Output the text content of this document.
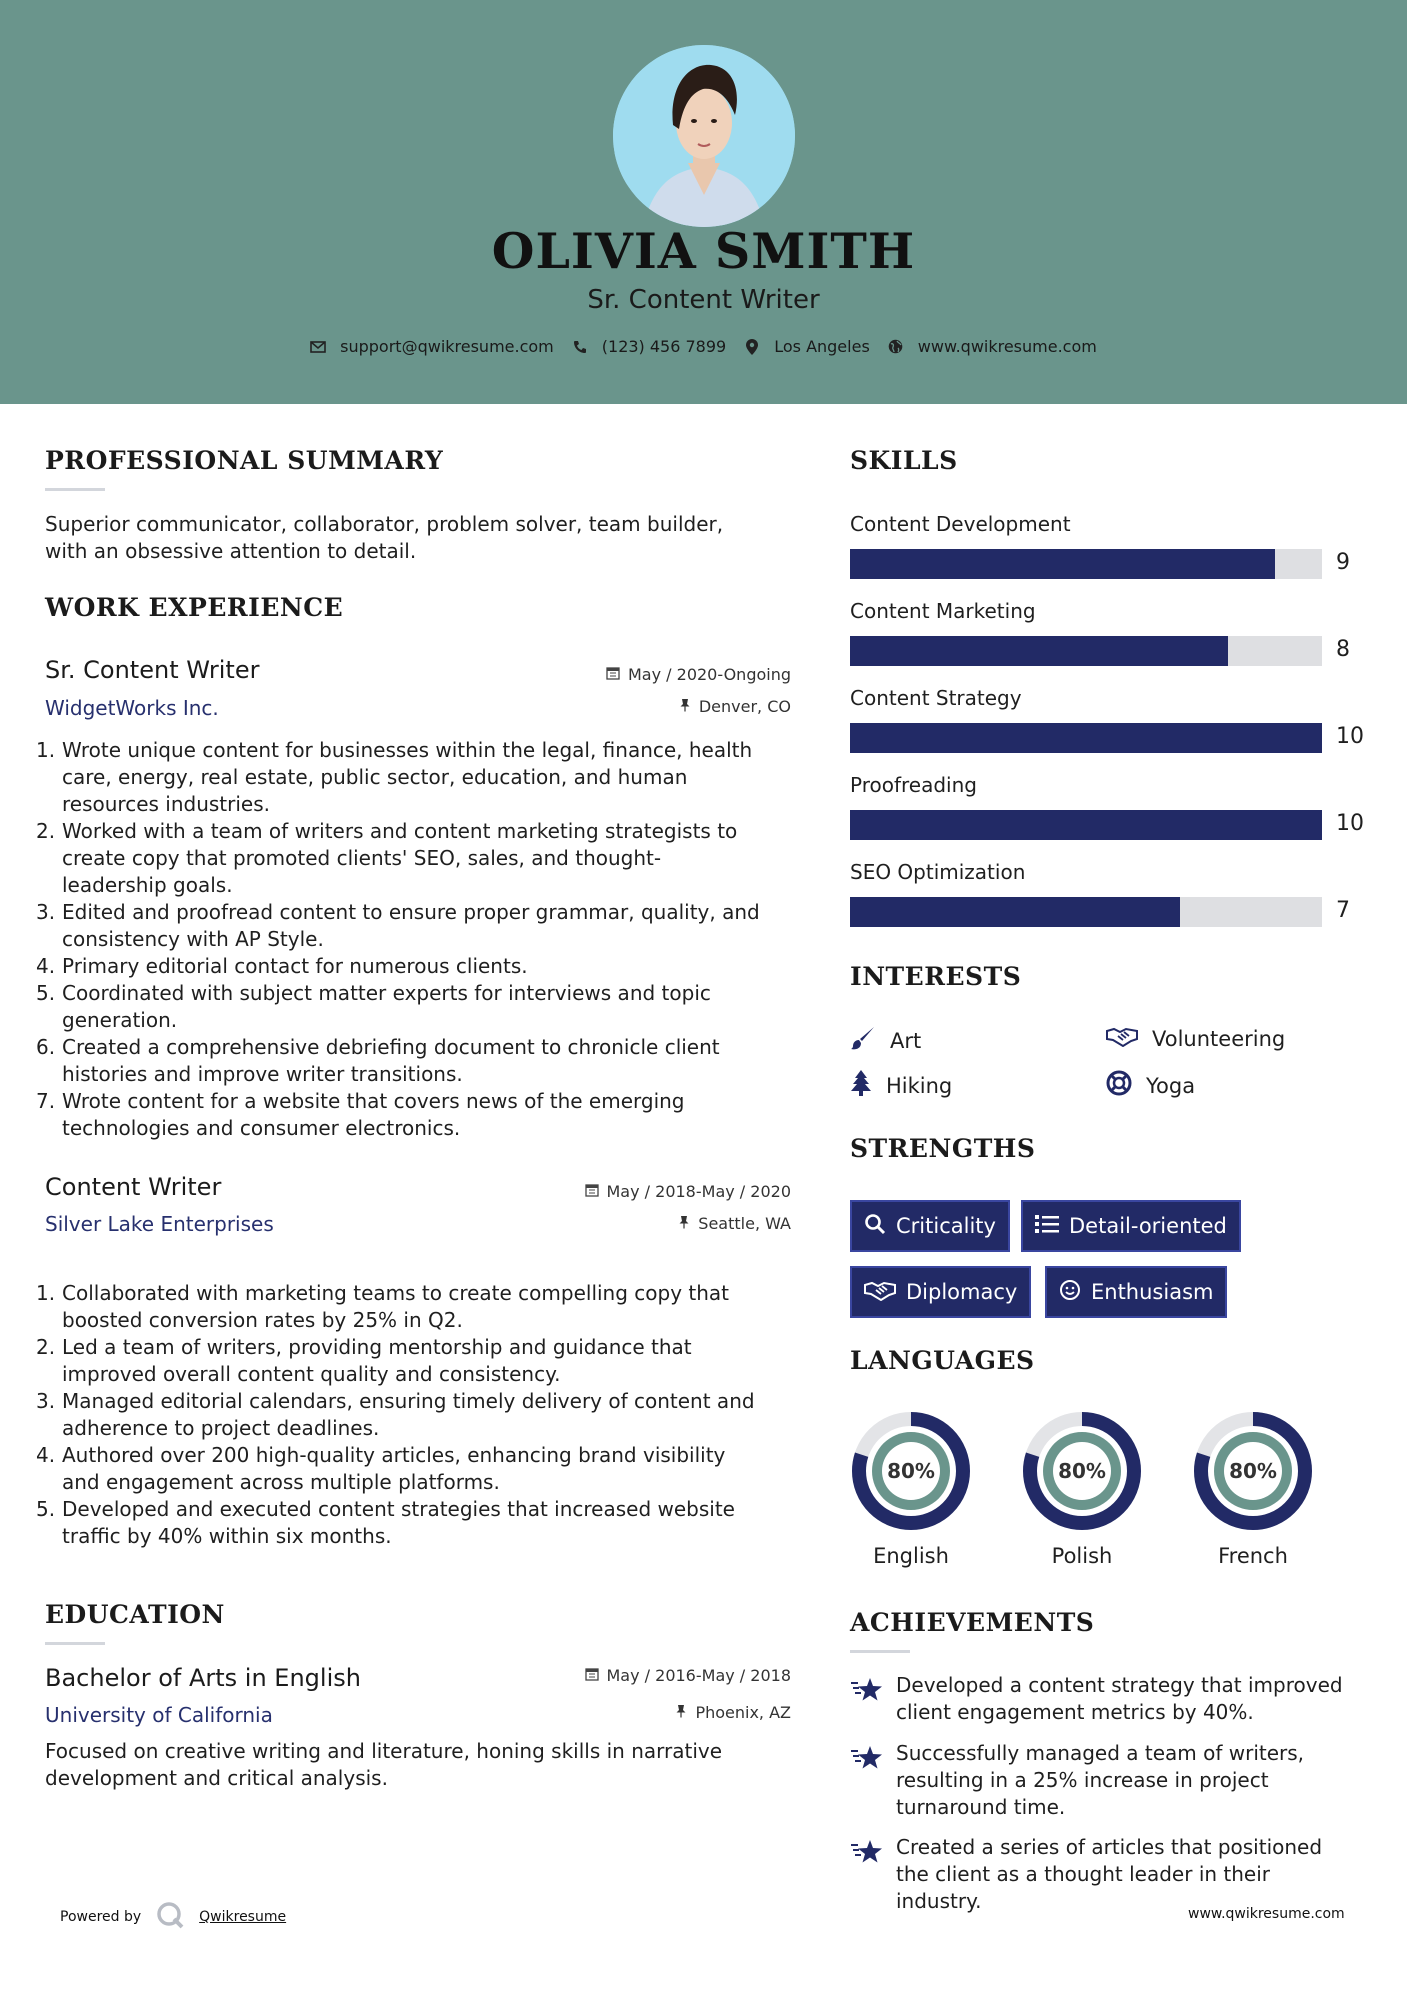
OLIVIA SMITH
Sr. Content Writer
support@qwikresume.com	(123) 456 7899	Los Angeles	www.qwikresume.com
PROFESSIONAL SUMMARY
Superior communicator, collaborator, problem solver, team builder,
with an obsessive attention to detail.
WORK EXPERIENCE
Sr. Content Writer	May / 2020-Ongoing
WidgetWorks Inc.	Denver, CO
1. Wrote unique content for businesses within the legal, finance, health
care, energy, real estate, public sector, education, and human
resources industries.
2. Worked with a team of writers and content marketing strategists to
create copy that promoted clients' SEO, sales, and thought-
leadership goals.
3. Edited and proofread content to ensure proper grammar, quality, and
consistency with AP Style.
4. Primary editorial contact for numerous clients.
5. Coordinated with subject matter experts for interviews and topic
generation.
6. Created a comprehensive debriefing document to chronicle client
histories and improve writer transitions.
7. Wrote content for a website that covers news of the emerging
technologies and consumer electronics.
Content Writer	May / 2018-May / 2020
Silver Lake Enterprises	Seattle, WA
1. Collaborated with marketing teams to create compelling copy that
boosted conversion rates by 25% in Q2.
2. Led a team of writers, providing mentorship and guidance that
improved overall content quality and consistency.
3. Managed editorial calendars, ensuring timely delivery of content and
adherence to project deadlines.
4. Authored over 200 high-quality articles, enhancing brand visibility
and engagement across multiple platforms.
5. Developed and executed content strategies that increased website
traffic by 40% within six months.
EDUCATION
Bachelor of Arts in English	May / 2016-May / 2018
University of California	Phoenix, AZ
Focused on creative writing and literature, honing skills in narrative
development and critical analysis.
SKILLS
Content Development
9
Content Marketing
8
Content Strategy
10
Proofreading
10
SEO Optimization
7
INTERESTS
Art	Volunteering
Hiking	Yoga
STRENGTHS
Criticality	Detail-oriented
Diplomacy	Enthusiasm
LANGUAGES
80%
English
80%
Polish
80%
French
ACHIEVEMENTS
Developed a content strategy that improved
client engagement metrics by 40%.
Successfully managed a team of writers,
resulting in a 25% increase in project
turnaround time.
Created a series of articles that positioned
the client as a thought leader in their
industry.
Powered by	Qwikresume	www.qwikresume.com
